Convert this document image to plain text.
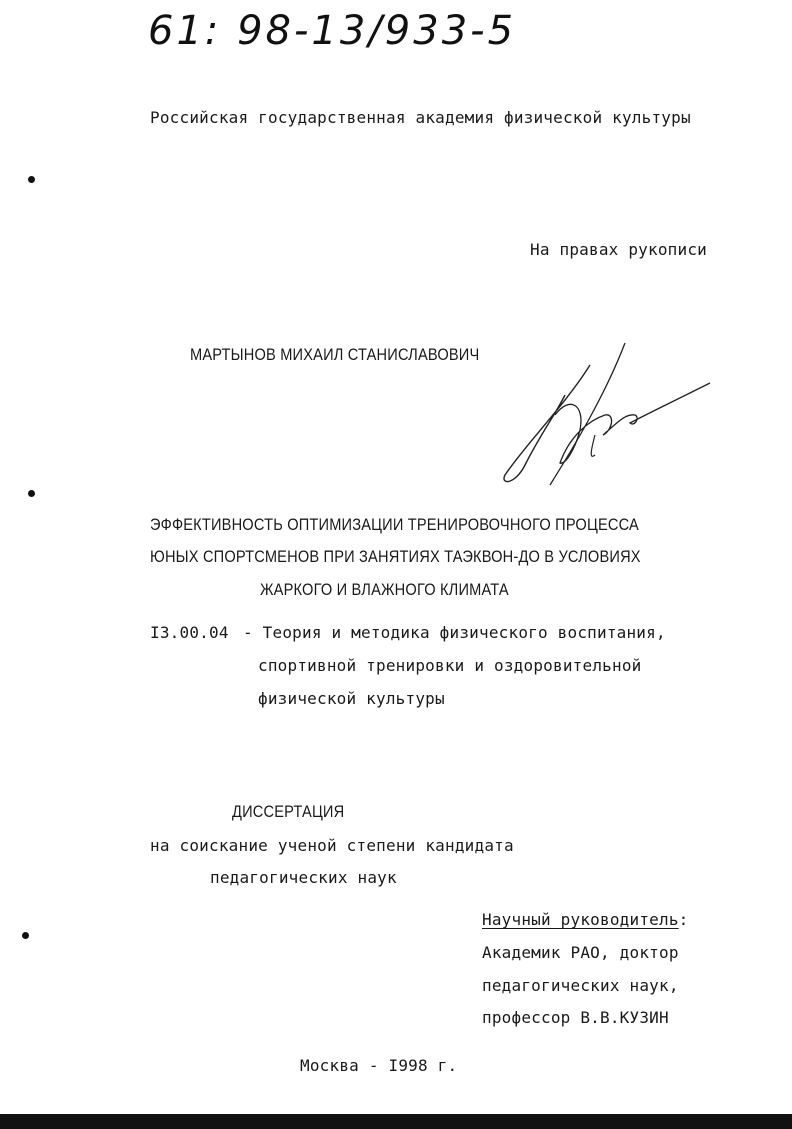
61: 98-13/933-5
Российская государственная академия физической культуры
На правах рукописи
МАРТЫНОВ МИХАИЛ СТАНИСЛАВОВИЧ
ЭФФЕКТИВНОСТЬ ОПТИМИЗАЦИИ ТРЕНИРОВОЧНОГО ПРОЦЕССА
ЮНЫХ СПОРТСМЕНОВ ПРИ ЗАНЯТИЯХ ТАЭКВОН-ДО В УСЛОВИЯХ
ЖАРКОГО И ВЛАЖНОГО КЛИМАТА
I3.00.04 - Теория и методика физического воспитания,
спортивной тренировки и оздоровительной
физической культуры
ДИССЕРТАЦИЯ
на соискание ученой степени кандидата
педагогических наук
Научный руководитель:
Академик РАО, доктор
педагогических наук,
профессор В.В.КУЗИН
Москва - I998 г.
